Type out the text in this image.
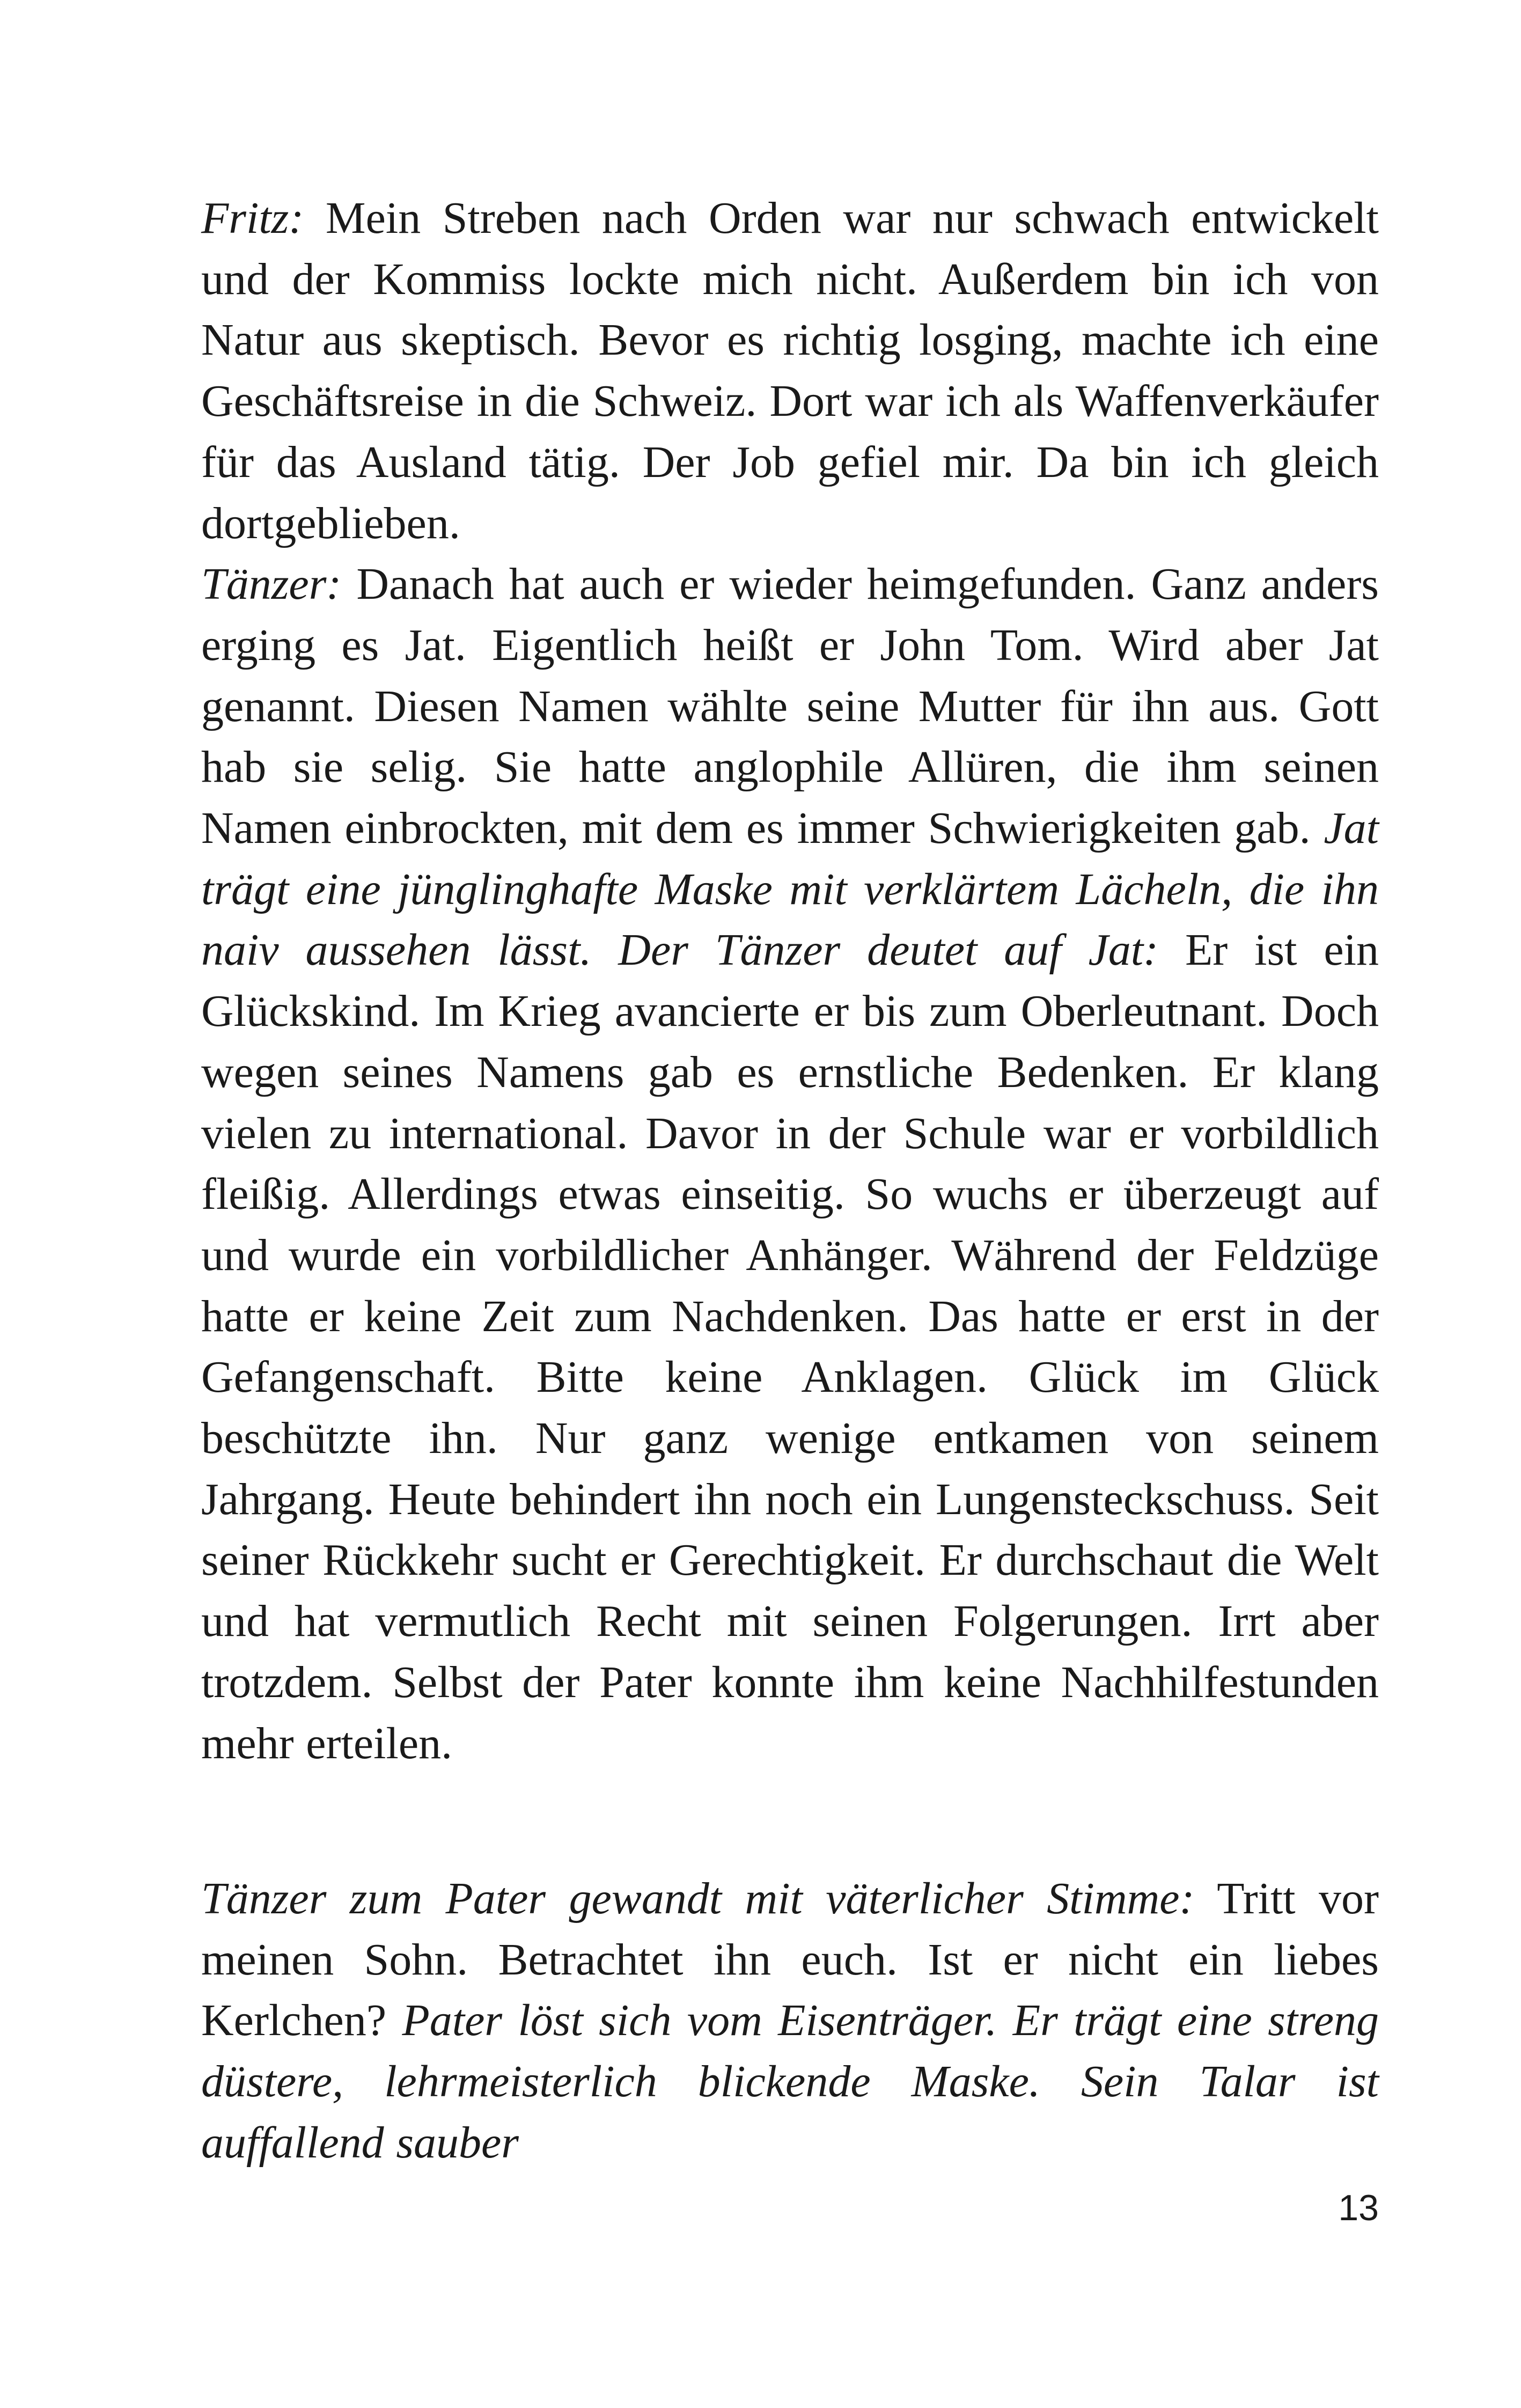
Fritz: Mein Streben nach Orden war nur schwach entwickelt und der Kommiss lockte mich nicht. Außerdem bin ich von Natur aus skeptisch. Bevor es richtig losging, machte ich eine Geschäftsreise in die Schweiz. Dort war ich als Waffenverkäufer für das Ausland tätig. Der Job gefiel mir. Da bin ich gleich dortgeblieben.

Tänzer: Danach hat auch er wieder heimgefunden. Ganz anders erging es Jat. Eigentlich heißt er John Tom. Wird aber Jat genannt. Diesen Namen wählte seine Mutter für ihn aus. Gott hab sie selig. Sie hatte anglophile Allüren, die ihm seinen Namen einbrockten, mit dem es immer Schwierigkeiten gab. Jat trägt eine jünglinghafte Maske mit verklärtem Lächeln, die ihn naiv aussehen lässt. Der Tänzer deutet auf Jat: Er ist ein Glückskind. Im Krieg avancierte er bis zum Oberleutnant. Doch wegen seines Namens gab es ernstliche Bedenken. Er klang vielen zu international. Davor in der Schule war er vorbildlich fleißig. Allerdings etwas einseitig. So wuchs er überzeugt auf und wurde ein vorbildlicher Anhänger. Während der Feldzüge hatte er keine Zeit zum Nachdenken. Das hatte er erst in der Gefangenschaft. Bitte keine Anklagen. Glück im Glück beschützte ihn. Nur ganz wenige entkamen von seinem Jahrgang. Heute behindert ihn noch ein Lungensteckschuss. Seit seiner Rückkehr sucht er Gerechtigkeit. Er durchschaut die Welt und hat vermutlich Recht mit seinen Folgerungen. Irrt aber trotzdem. Selbst der Pater konnte ihm keine Nachhilfestunden mehr erteilen.

Tänzer zum Pater gewandt mit väterlicher Stimme: Tritt vor meinen Sohn. Betrachtet ihn euch. Ist er nicht ein liebes Kerlchen? Pater löst sich vom Eisenträger. Er trägt eine streng düstere, lehrmeisterlich blickende Maske. Sein Talar ist auffallend sauber

13
